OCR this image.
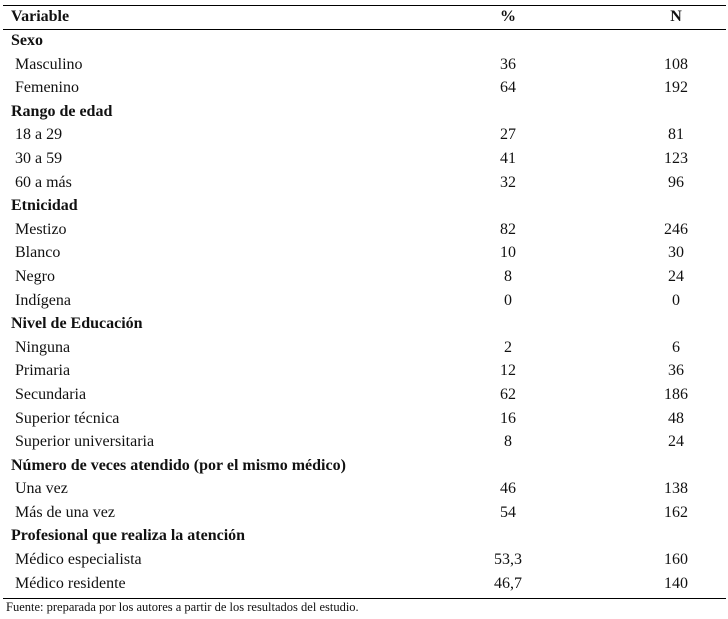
Variable	%	N
Sexo		
Masculino	36	108
Femenino	64	192
Rango de edad		
18 a 29	27	81
30 a 59	41	123
60 a más	32	96
Etnicidad		
Mestizo	82	246
Blanco	10	30
Negro	8	24
Indígena	0	0
Nivel de Educación		
Ninguna	2	6
Primaria	12	36
Secundaria	62	186
Superior técnica	16	48
Superior universitaria	8	24
Número de veces atendido (por el mismo médico)		
Una vez	46	138
Más de una vez	54	162
Profesional que realiza la atención		
Médico especialista	53,3	160
Médico residente	46,7	140
Fuente: preparada por los autores a partir de los resultados del estudio.
